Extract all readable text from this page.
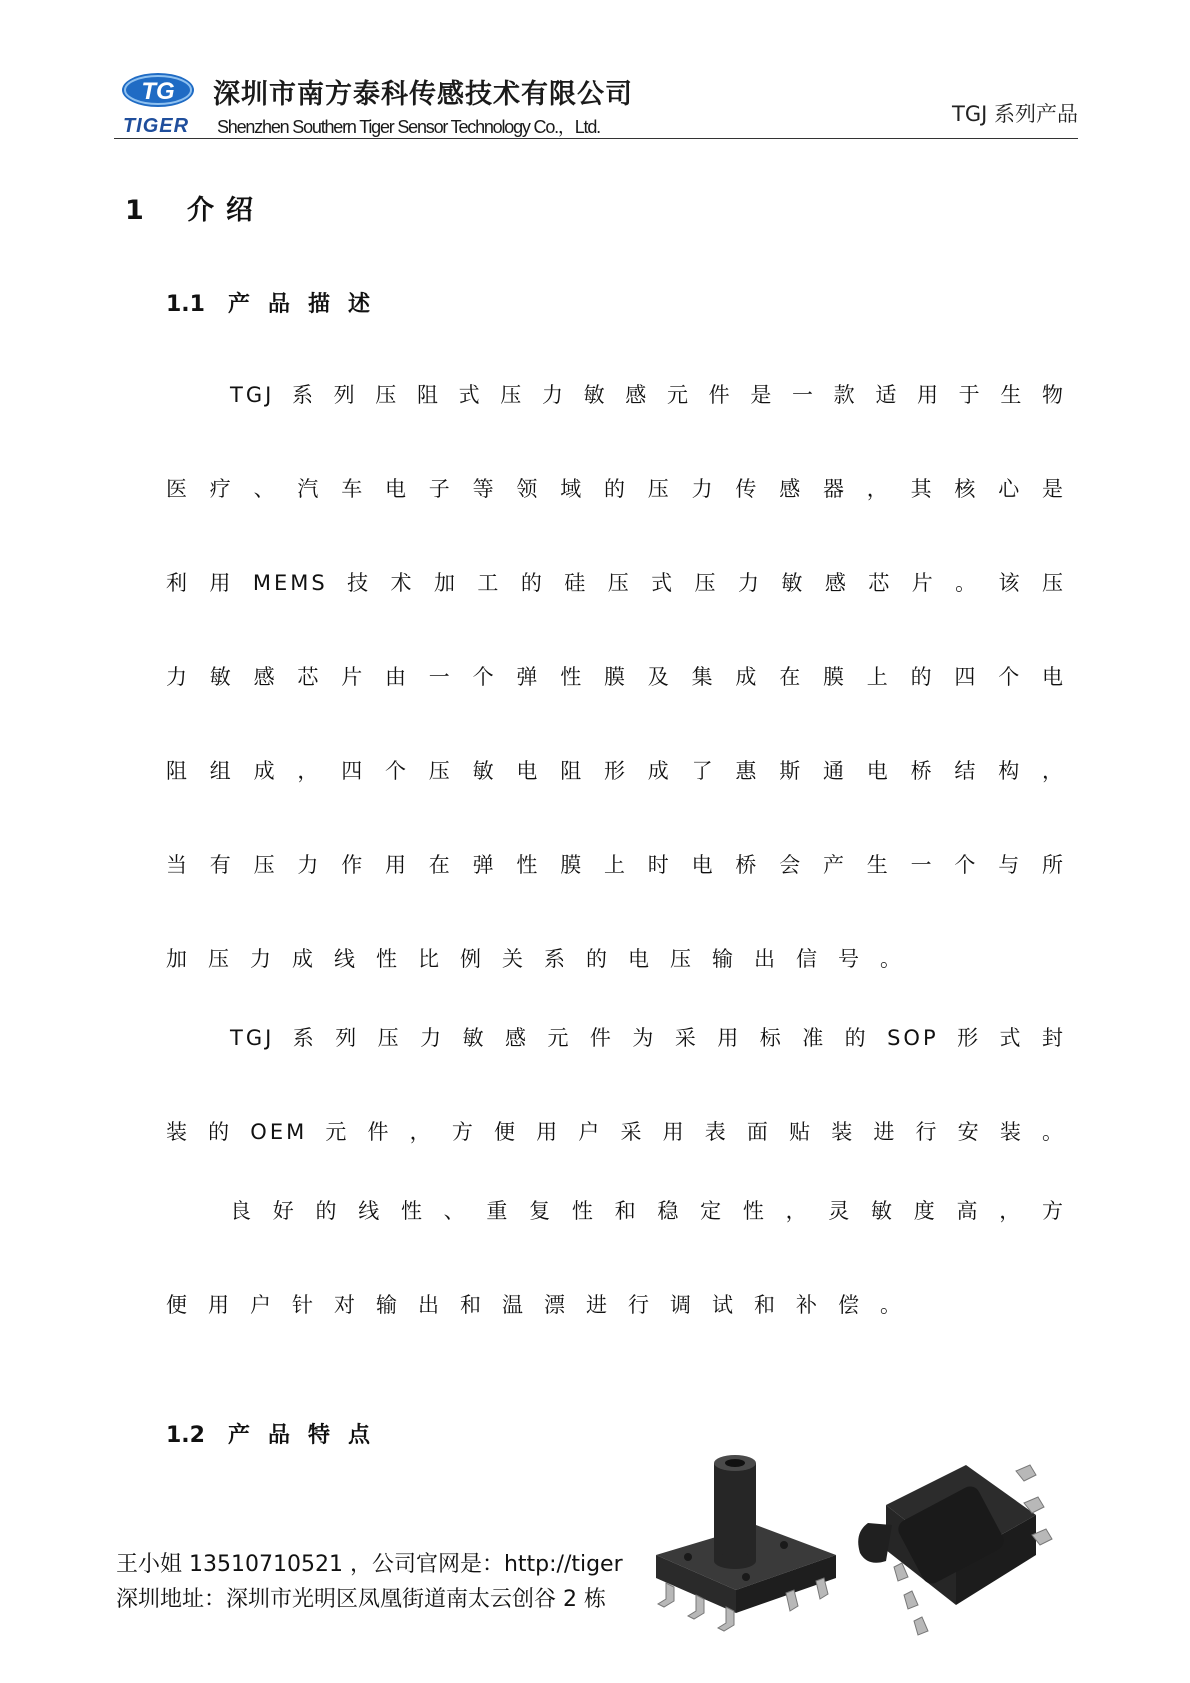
TG
TIGER
深圳市南方泰科传感技术有限公司
Shenzhen Southern Tiger Sensor Technology Co.，Ltd.
TGJ 系列产品
1 介绍
1.1 产品描述
TGJ系列压阻式压力敏感元件是一款适用于生物
医疗、汽车电子等领域的压力传感器，其核心是
利用MEMS技术加工的硅压式压力敏感芯片。该压
力敏感芯片由一个弹性膜及集成在膜上的四个电
阻组成，四个压敏电阻形成了惠斯通电桥结构，
当有压力作用在弹性膜上时电桥会产生一个与所
加压力成线性比例关系的电压输出信号。
TGJ系列压力敏感元件为采用标准的SOP形式封
装的OEM元件，方便用户采用表面贴装进行安装。
良好的线性、重复性和稳定性，灵敏度高，方
便用户针对输出和温漂进行调试和补偿。
1.2 产品特点
王小姐 13510710521 ，公司官网是：http://tiger
深圳地址：深圳市光明区凤凰街道南太云创谷 2 栋
